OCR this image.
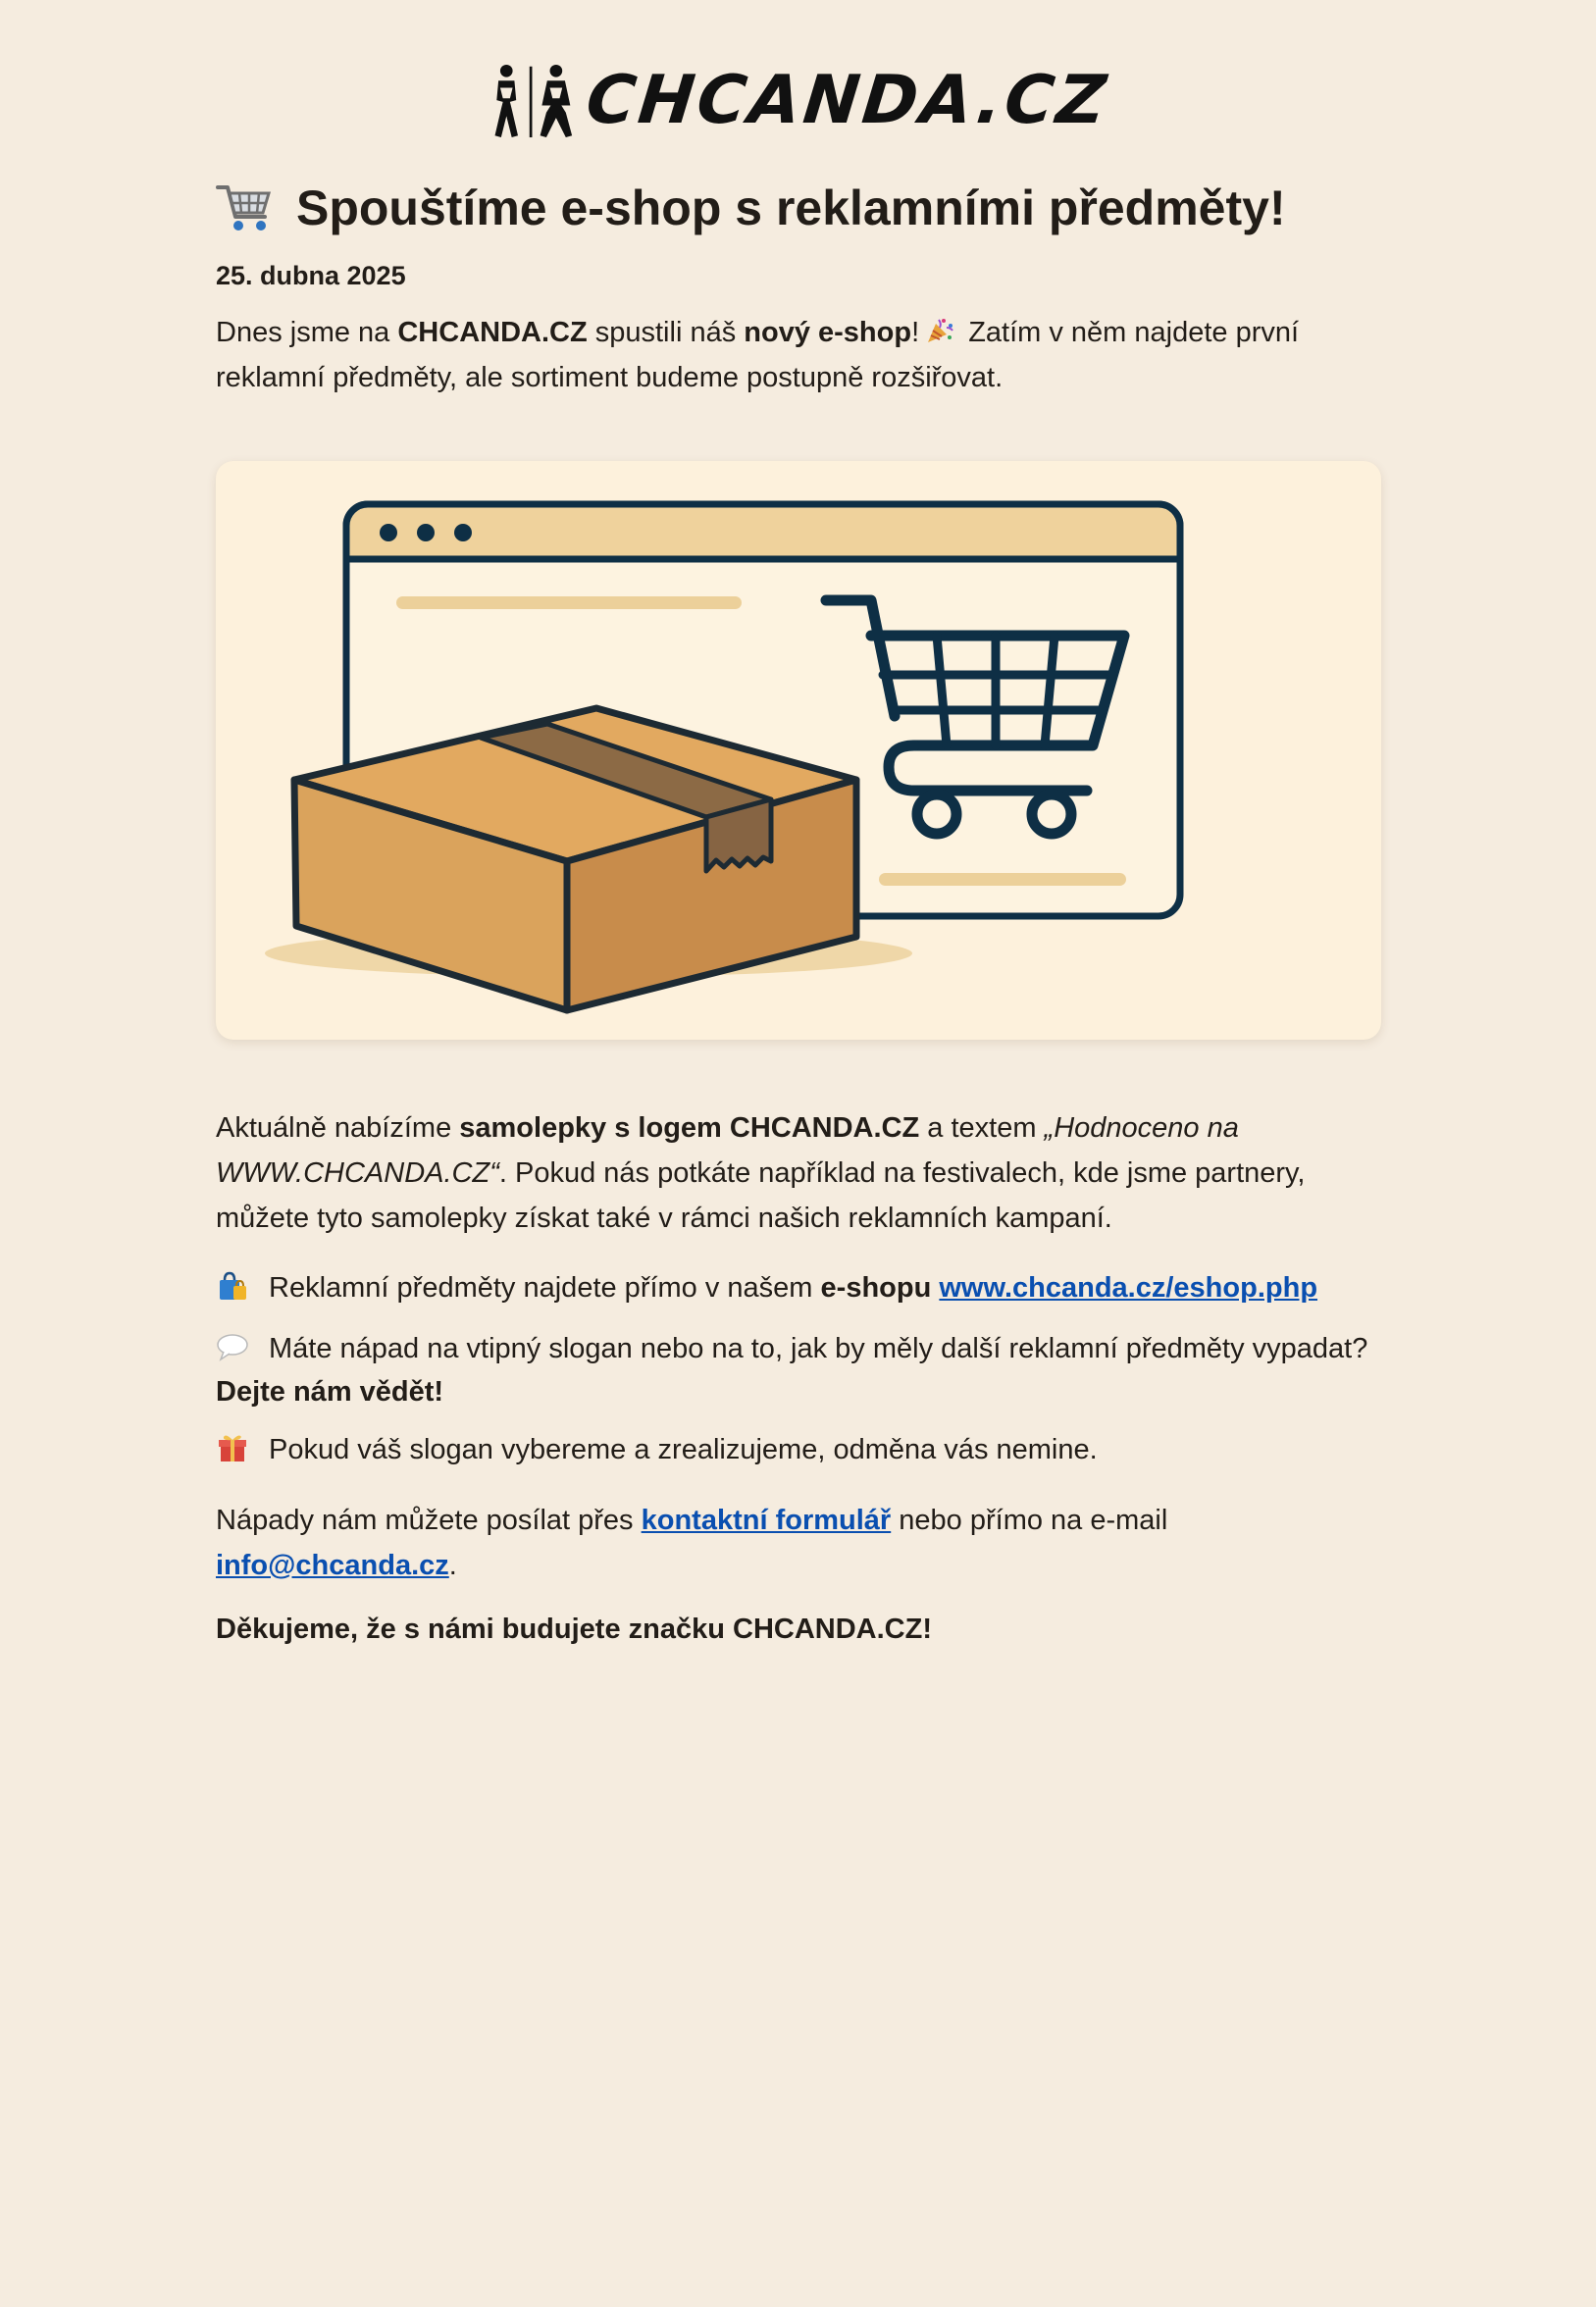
CHCANDA.CZ
Spouštíme e-shop s reklamními předměty!
25. dubna 2025
Dnes jsme na CHCANDA.CZ spustili náš nový e-shop! Zatím v něm najdete první reklamní předměty, ale sortiment budeme postupně rozšiřovat.
Aktuálně nabízíme samolepky s logem CHCANDA.CZ a textem „Hodnoceno na WWW.CHCANDA.CZ“. Pokud nás potkáte například na festivalech, kde jsme partnery, můžete tyto samolepky získat také v rámci našich reklamních kampaní.
Reklamní předměty najdete přímo v našem e-shopu www.chcanda.cz/eshop.php
Máte nápad na vtipný slogan nebo na to, jak by měly další reklamní předměty vypadat? Dejte nám vědět!
Pokud váš slogan vybereme a zrealizujeme, odměna vás nemine.
Nápady nám můžete posílat přes kontaktní formulář nebo přímo na e-mail info@chcanda.cz.
Děkujeme, že s námi budujete značku CHCANDA.CZ!
